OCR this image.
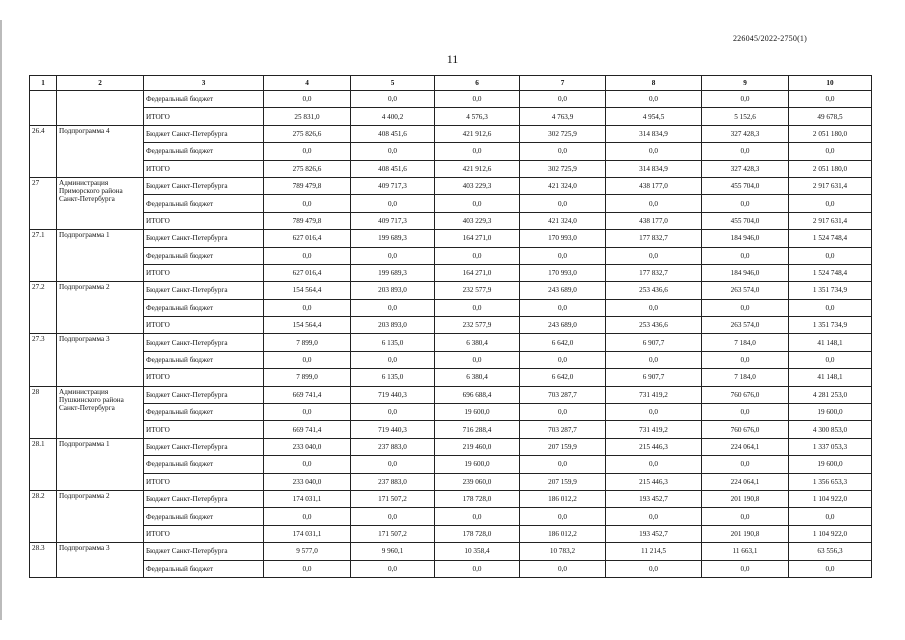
226045/2022-2750(1)
11
1	2	3	4	5	6	7	8	9	10
		Федеральный бюджет	0,0	0,0	0,0	0,0	0,0	0,0	0,0
		ИТОГО	25 831,0	4 400,2	4 576,3	4 763,9	4 954,5	5 152,6	49 678,5
26.4	Подпрограмма 4	Бюджет Санкт-Петербурга	275 826,6	408 451,6	421 912,6	302 725,9	314 834,9	327 428,3	2 051 180,0
		Федеральный бюджет	0,0	0,0	0,0	0,0	0,0	0,0	0,0
		ИТОГО	275 826,6	408 451,6	421 912,6	302 725,9	314 834,9	327 428,3	2 051 180,0
27	Администрация Приморского района Санкт-Петербурга	Бюджет Санкт-Петербурга	789 479,8	409 717,3	403 229,3	421 324,0	438 177,0	455 704,0	2 917 631,4
		Федеральный бюджет	0,0	0,0	0,0	0,0	0,0	0,0	0,0
		ИТОГО	789 479,8	409 717,3	403 229,3	421 324,0	438 177,0	455 704,0	2 917 631,4
27.1	Подпрограмма 1	Бюджет Санкт-Петербурга	627 016,4	199 689,3	164 271,0	170 993,0	177 832,7	184 946,0	1 524 748,4
		Федеральный бюджет	0,0	0,0	0,0	0,0	0,0	0,0	0,0
		ИТОГО	627 016,4	199 689,3	164 271,0	170 993,0	177 832,7	184 946,0	1 524 748,4
27.2	Подпрограмма 2	Бюджет Санкт-Петербурга	154 564,4	203 893,0	232 577,9	243 689,0	253 436,6	263 574,0	1 351 734,9
		Федеральный бюджет	0,0	0,0	0,0	0,0	0,0	0,0	0,0
		ИТОГО	154 564,4	203 893,0	232 577,9	243 689,0	253 436,6	263 574,0	1 351 734,9
27.3	Подпрограмма 3	Бюджет Санкт-Петербурга	7 899,0	6 135,0	6 380,4	6 642,0	6 907,7	7 184,0	41 148,1
		Федеральный бюджет	0,0	0,0	0,0	0,0	0,0	0,0	0,0
		ИТОГО	7 899,0	6 135,0	6 380,4	6 642,0	6 907,7	7 184,0	41 148,1
28	Администрация Пушкинского района Санкт-Петербурга	Бюджет Санкт-Петербурга	669 741,4	719 440,3	696 688,4	703 287,7	731 419,2	760 676,0	4 281 253,0
		Федеральный бюджет	0,0	0,0	19 600,0	0,0	0,0	0,0	19 600,0
		ИТОГО	669 741,4	719 440,3	716 288,4	703 287,7	731 419,2	760 676,0	4 300 853,0
28.1	Подпрограмма 1	Бюджет Санкт-Петербурга	233 040,0	237 883,0	219 460,0	207 159,9	215 446,3	224 064,1	1 337 053,3
		Федеральный бюджет	0,0	0,0	19 600,0	0,0	0,0	0,0	19 600,0
		ИТОГО	233 040,0	237 883,0	239 060,0	207 159,9	215 446,3	224 064,1	1 356 653,3
28.2	Подпрограмма 2	Бюджет Санкт-Петербурга	174 031,1	171 507,2	178 728,0	186 012,2	193 452,7	201 190,8	1 104 922,0
		Федеральный бюджет	0,0	0,0	0,0	0,0	0,0	0,0	0,0
		ИТОГО	174 031,1	171 507,2	178 728,0	186 012,2	193 452,7	201 190,8	1 104 922,0
28.3	Подпрограмма 3	Бюджет Санкт-Петербурга	9 577,0	9 960,1	10 358,4	10 783,2	11 214,5	11 663,1	63 556,3
		Федеральный бюджет	0,0	0,0	0,0	0,0	0,0	0,0	0,0
